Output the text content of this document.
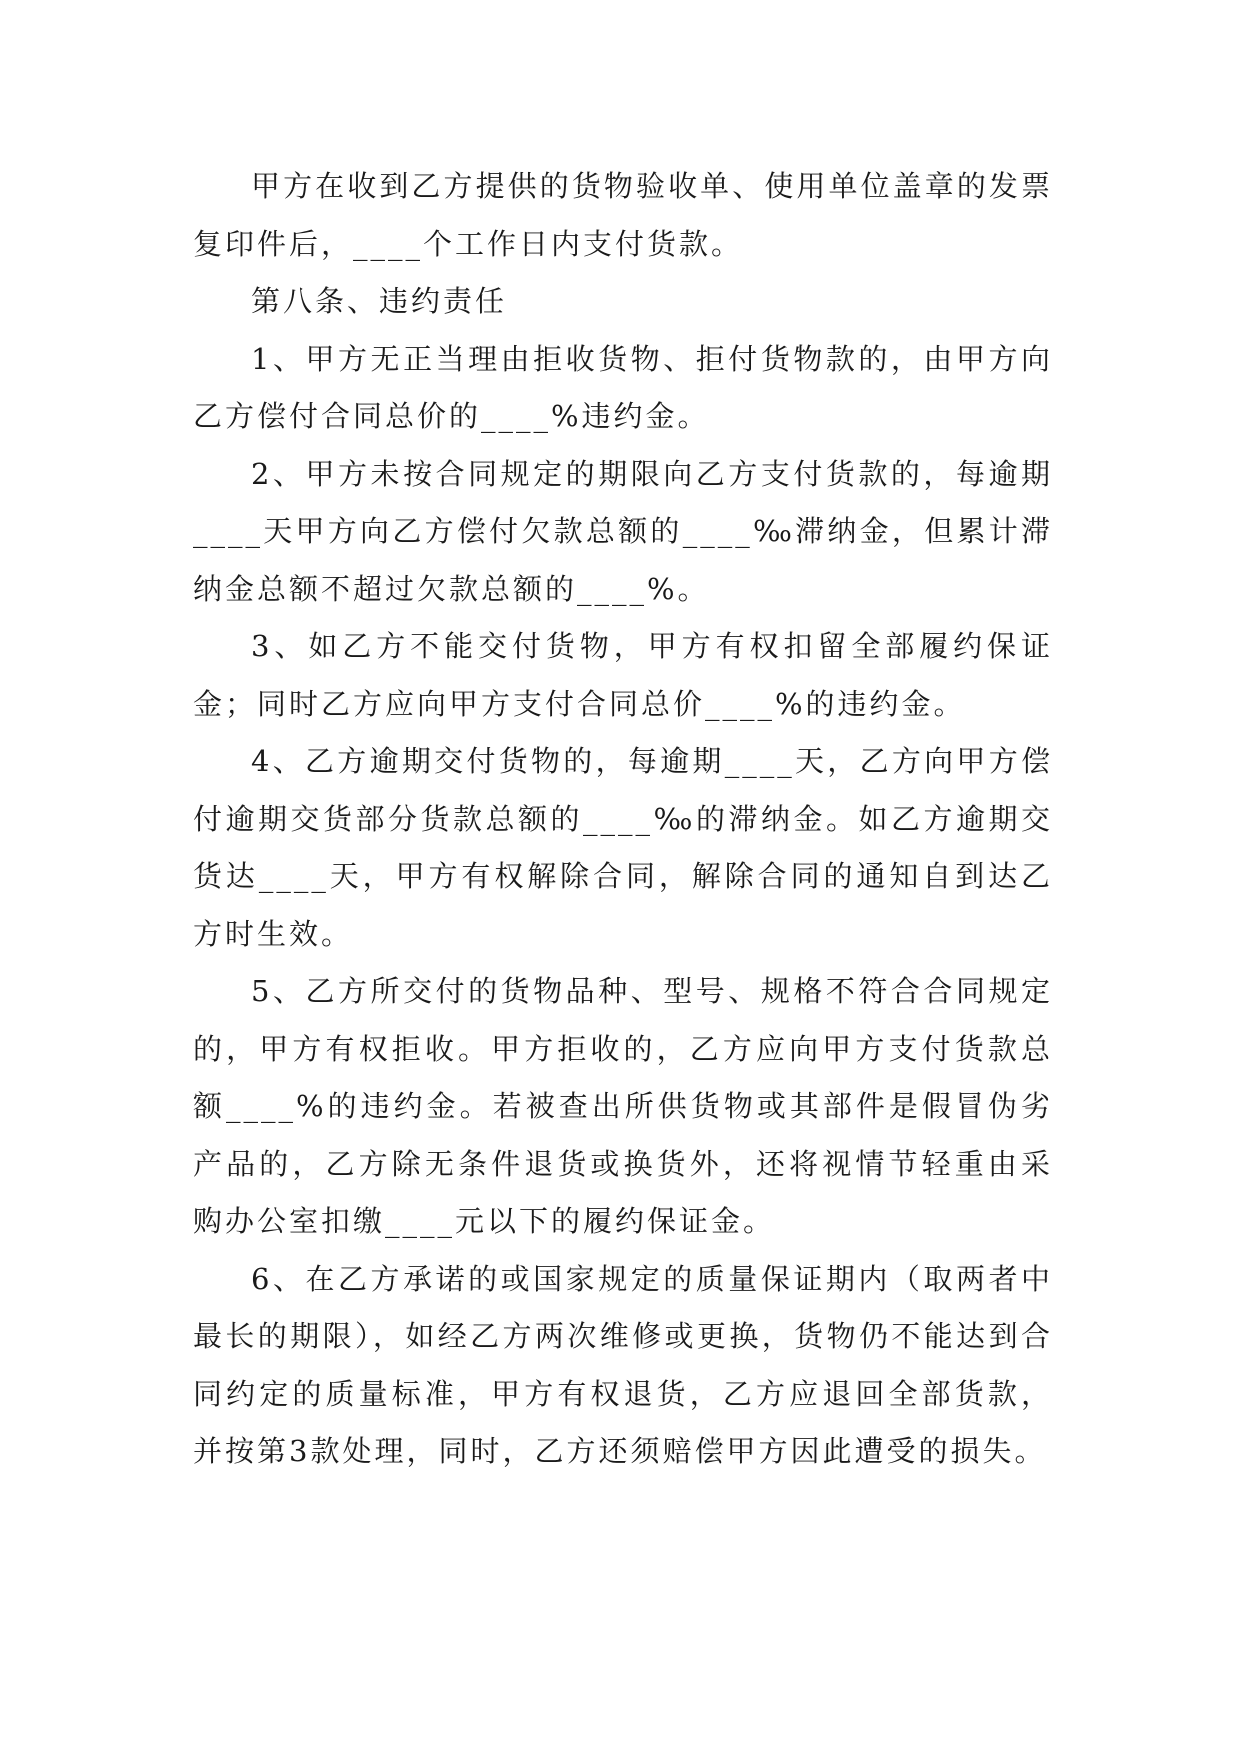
甲方在收到乙方提供的货物验收单、使用单位盖章的发票复印件后，____个工作日内支付货款。

第八条、违约责任

1、甲方无正当理由拒收货物、拒付货物款的，由甲方向乙方偿付合同总价的____%违约金。

2、甲方未按合同规定的期限向乙方支付货款的，每逾期____天甲方向乙方偿付欠款总额的____‰滞纳金，但累计滞纳金总额不超过欠款总额的____%。

3、如乙方不能交付货物，甲方有权扣留全部履约保证金；同时乙方应向甲方支付合同总价____%的违约金。

4、乙方逾期交付货物的，每逾期____天，乙方向甲方偿付逾期交货部分货款总额的____‰的滞纳金。如乙方逾期交货达____天，甲方有权解除合同，解除合同的通知自到达乙方时生效。

5、乙方所交付的货物品种、型号、规格不符合合同规定的，甲方有权拒收。甲方拒收的，乙方应向甲方支付货款总额____%的违约金。若被查出所供货物或其部件是假冒伪劣产品的，乙方除无条件退货或换货外，还将视情节轻重由采购办公室扣缴____元以下的履约保证金。

6、在乙方承诺的或国家规定的质量保证期内（取两者中最长的期限），如经乙方两次维修或更换，货物仍不能达到合同约定的质量标准，甲方有权退货，乙方应退回全部货款，并按第3款处理，同时，乙方还须赔偿甲方因此遭受的损失。
